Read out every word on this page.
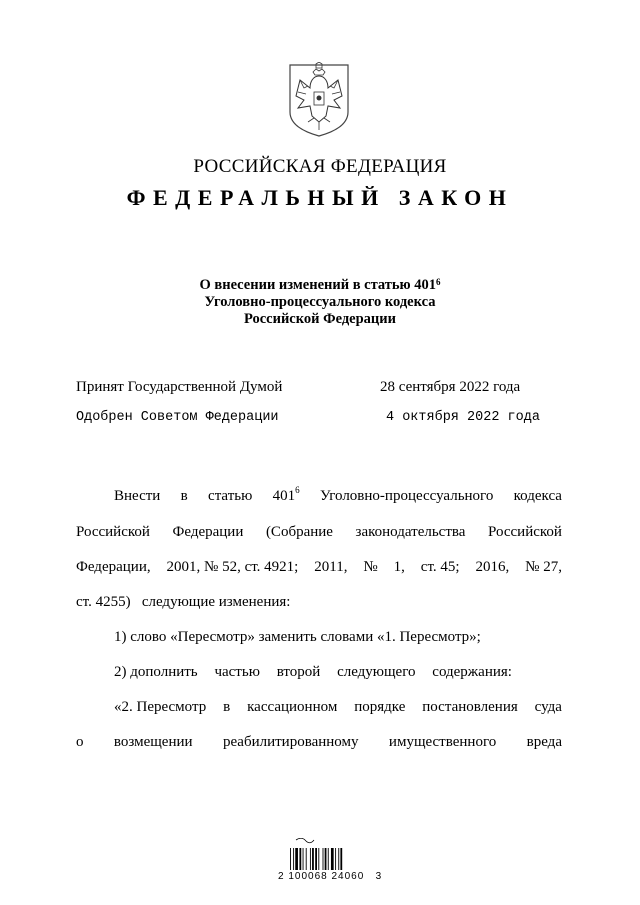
РОССИЙСКАЯ ФЕДЕРАЦИЯ
ФЕДЕРАЛЬНЫЙ ЗАКОН
О внесении изменений в статью $401^6$
Уголовно-процессуального кодекса
Российской Федерации
Принят Государственной Думой	28 сентября 2022 года
Одобрен Советом Федерации	4 октября 2022 года
Внести в статью $401^6$ Уголовно-процессуального кодекса
Российской Федерации (Собрание законодательства Российской
Федерации, 2001, № 52, ст. 4921; 2011, № 1, ст. 45; 2016, № 27,
ст. 4255)   следующие изменения:
1) слово «Пересмотр» заменить словами «1. Пересмотр»;
2) дополнить частью второй следующего содержания:
«2. Пересмотр в кассационном порядке постановления суда
о возмещении реабилитированному имущественного вреда
2 100068 24060   3
